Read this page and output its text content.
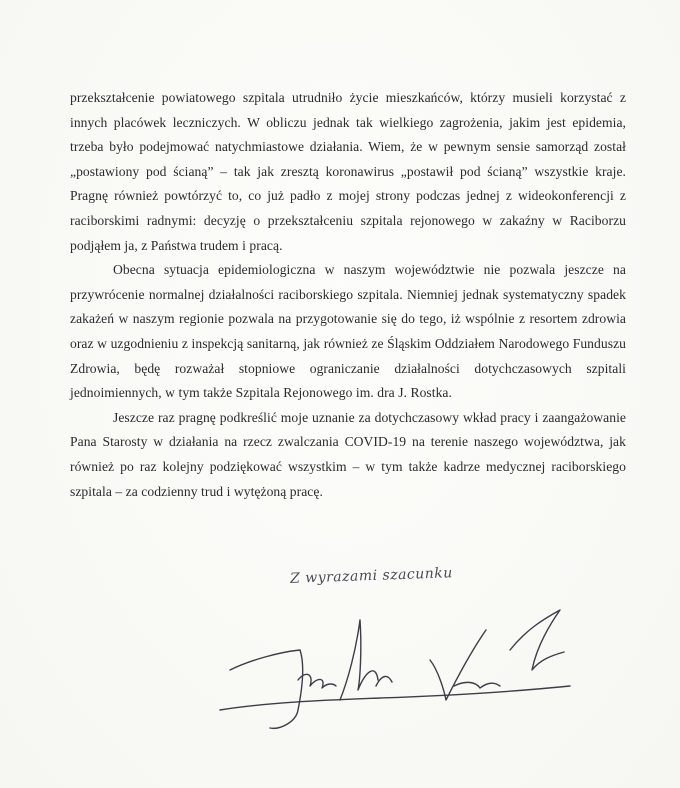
przekształcenie powiatowego szpitala utrudniło życie mieszkańców, którzy musieli korzystać z innych placówek leczniczych. W obliczu jednak tak wielkiego zagrożenia, jakim jest epidemia, trzeba było podejmować natychmiastowe działania. Wiem, że w pewnym sensie samorząd został „postawiony pod ścianą” – tak jak zresztą koronawirus „postawił pod ścianą” wszystkie kraje. Pragnę również powtórzyć to, co już padło z mojej strony podczas jednej z wideokonferencji z raciborskimi radnymi: decyzję o przekształceniu szpitala rejonowego w zakaźny w Raciborzu podjąłem ja, z Państwa trudem i pracą.

Obecna sytuacja epidemiologiczna w naszym województwie nie pozwala jeszcze na przywrócenie normalnej działalności raciborskiego szpitala. Niemniej jednak systematyczny spadek zakażeń w naszym regionie pozwala na przygotowanie się do tego, iż wspólnie z resortem zdrowia oraz w uzgodnieniu z inspekcją sanitarną, jak również ze Śląskim Oddziałem Narodowego Funduszu Zdrowia, będę rozważał stopniowe ograniczanie działalności dotychczasowych szpitali jednoimiennych, w tym także Szpitala Rejonowego im. dra J. Rostka.

Jeszcze raz pragnę podkreślić moje uznanie za dotychczasowy wkład pracy i zaangażowanie Pana Starosty w działania na rzecz zwalczania COVID-19 na terenie naszego województwa, jak również po raz kolejny podziękować wszystkim – w tym także kadrze medycznej raciborskiego szpitala – za codzienny trud i wytężoną pracę.

Z wyrazami szacunku
